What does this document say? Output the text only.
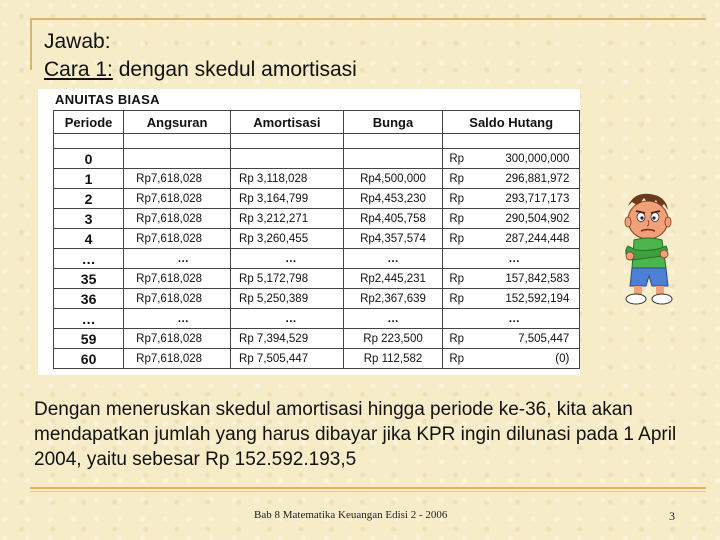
Jawab:
Cara 1: dengan skedul amortisasi
ANUITAS BIASA
Periode	Angsuran	Amortisasi	Bunga	Saldo Hutang

0				Rp 300,000,000
1	Rp7,618,028	Rp 3,118,028	Rp4,500,000	Rp 296,881,972
2	Rp7,618,028	Rp 3,164,799	Rp4,453,230	Rp 293,717,173
3	Rp7,618,028	Rp 3,212,271	Rp4,405,758	Rp 290,504,902
4	Rp7,618,028	Rp 3,260,455	Rp4,357,574	Rp 287,244,448
…	…	…	…	…
35	Rp7,618,028	Rp 5,172,798	Rp2,445,231	Rp 157,842,583
36	Rp7,618,028	Rp 5,250,389	Rp2,367,639	Rp 152,592,194
…	…	…	…	…
59	Rp7,618,028	Rp 7,394,529	Rp 223,500	Rp 7,505,447
60	Rp7,618,028	Rp 7,505,447	Rp 112,582	Rp (0)
Dengan meneruskan skedul amortisasi hingga periode ke-36, kita akan mendapatkan jumlah yang harus dibayar jika KPR ingin dilunasi pada 1 April 2004, yaitu sebesar Rp 152.592.193,5
Bab 8 Matematika Keuangan Edisi 2 - 2006	3
